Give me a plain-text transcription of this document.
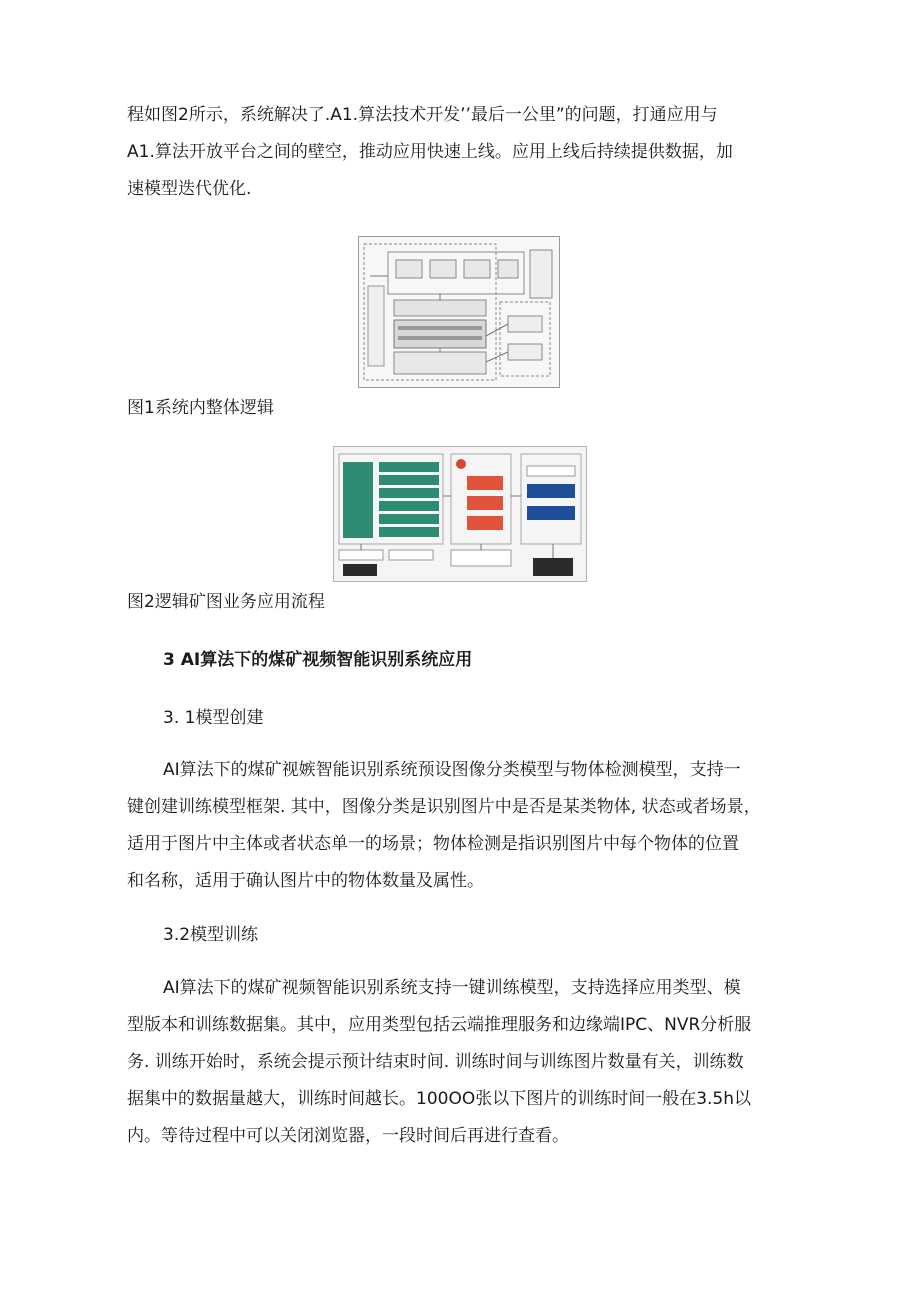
程如图2所示，系统解决了.A1.算法技术开发’’最后一公里”的问题，打通应用与
A1.算法开放平台之间的壁空，推动应用快速上线。应用上线后持续提供数据，加
速模型迭代优化.

图1系统内整体逻辑

图2逻辑矿图业务应用流程

3 AI算法下的煤矿视频智能识别系统应用

3. 1模型创建

AI算法下的煤矿视嫉智能识别系统预设图像分类模型与物体检测模型，支持一
键创建训练模型框架. 其中，图像分类是识别图片中是否是某类物体, 状态或者场景，
适用于图片中主体或者状态单一的场景；物体检测是指识别图片中每个物体的位置
和名称，适用于确认图片中的物体数量及属性。

3.2模型训练

AI算法下的煤矿视频智能识别系统支持一键训练模型，支持选择应用类型、模
型版本和训练数据集。其中，应用类型包括云端推理服务和边缘端IPC、NVR分析服
务. 训练开始时，系统会提示预计结束时间. 训练时间与训练图片数量有关，训练数
据集中的数据量越大，训练时间越长。100OO张以下图片的训练时间一般在3.5h以
内。等待过程中可以关闭浏览器，一段时间后再进行查看。
